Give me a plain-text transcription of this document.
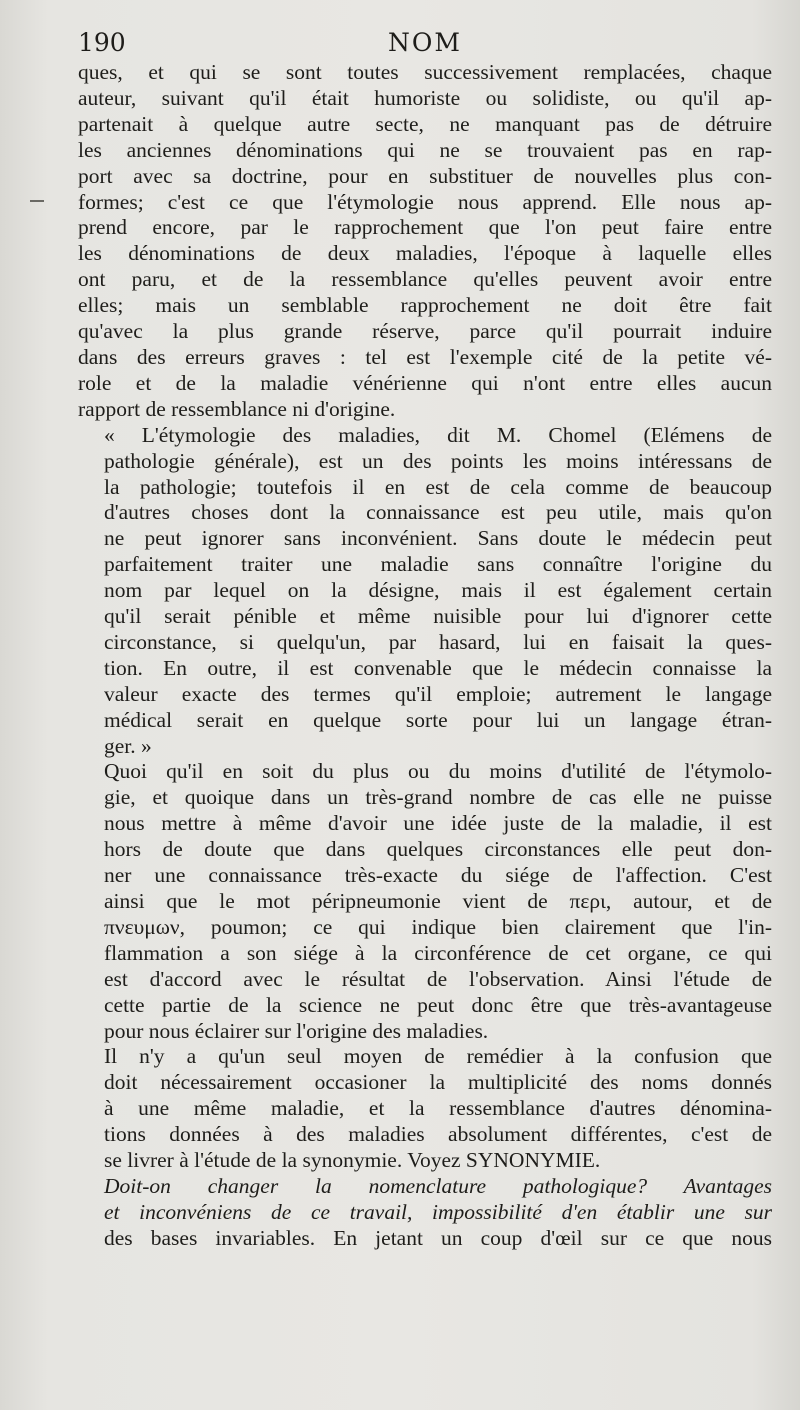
190	NOM
ques, et qui se sont toutes successivement remplacées, chaque
auteur, suivant qu'il était humoriste ou solidiste, ou qu'il ap-
partenait à quelque autre secte, ne manquant pas de détruire
les anciennes dénominations qui ne se trouvaient pas en rap-
port avec sa doctrine, pour en substituer de nouvelles plus con-
formes; c'est ce que l'étymologie nous apprend. Elle nous ap-
prend encore, par le rapprochement que l'on peut faire entre
les dénominations de deux maladies, l'époque à laquelle elles
ont paru, et de la ressemblance qu'elles peuvent avoir entre
elles; mais un semblable rapprochement ne doit être fait
qu'avec la plus grande réserve, parce qu'il pourrait induire
dans des erreurs graves : tel est l'exemple cité de la petite vé-
role et de la maladie vénérienne qui n'ont entre elles aucun
rapport de ressemblance ni d'origine.
« L'étymologie des maladies, dit M. Chomel (Elémens de
pathologie générale), est un des points les moins intéressans de
la pathologie; toutefois il en est de cela comme de beaucoup
d'autres choses dont la connaissance est peu utile, mais qu'on
ne peut ignorer sans inconvénient. Sans doute le médecin peut
parfaitement traiter une maladie sans connaître l'origine du
nom par lequel on la désigne, mais il est également certain
qu'il serait pénible et même nuisible pour lui d'ignorer cette
circonstance, si quelqu'un, par hasard, lui en faisait la ques-
tion. En outre, il est convenable que le médecin connaisse la
valeur exacte des termes qu'il emploie; autrement le langage
médical serait en quelque sorte pour lui un langage étran-
ger. »
Quoi qu'il en soit du plus ou du moins d'utilité de l'étymolo-
gie, et quoique dans un très-grand nombre de cas elle ne puisse
nous mettre à même d'avoir une idée juste de la maladie, il est
hors de doute que dans quelques circonstances elle peut don-
ner une connaissance très-exacte du siége de l'affection. C'est
ainsi que le mot péripneumonie vient de περι, autour, et de
πνευμων, poumon; ce qui indique bien clairement que l'in-
flammation a son siége à la circonférence de cet organe, ce qui
est d'accord avec le résultat de l'observation. Ainsi l'étude de
cette partie de la science ne peut donc être que très-avantageuse
pour nous éclairer sur l'origine des maladies.
Il n'y a qu'un seul moyen de remédier à la confusion que
doit nécessairement occasioner la multiplicité des noms donnés
à une même maladie, et la ressemblance d'autres dénomina-
tions données à des maladies absolument différentes, c'est de
se livrer à l'étude de la synonymie. Voyez SYNONYMIE.
Doit-on changer la nomenclature pathologique? Avantages
et inconvéniens de ce travail, impossibilité d'en établir une sur
des bases invariables. En jetant un coup d'œil sur ce que nous
